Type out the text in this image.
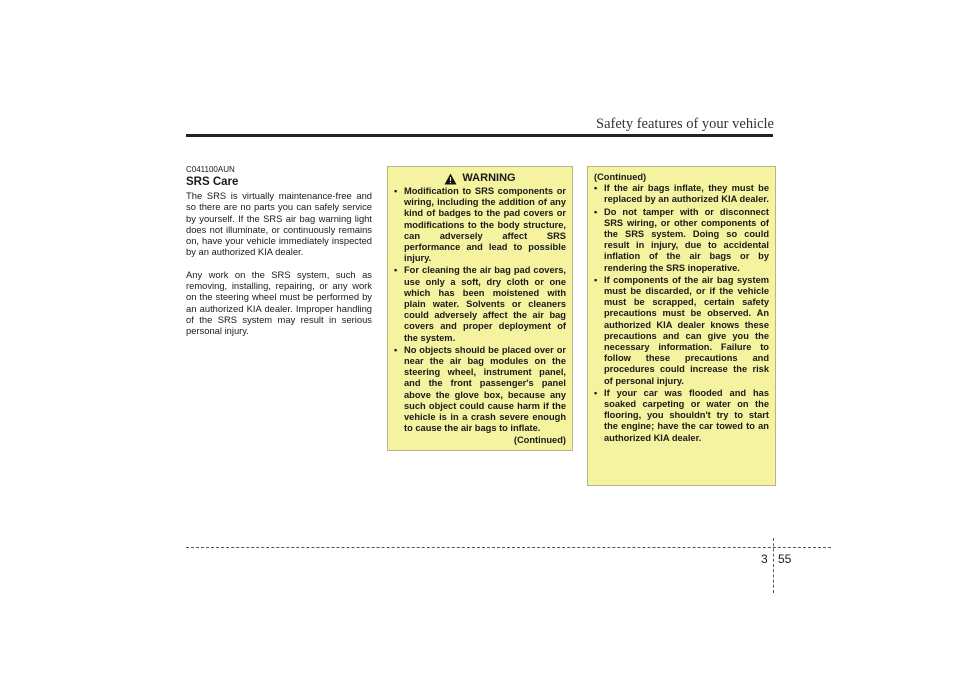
Safety features of your vehicle
C041100AUN
SRS Care

The SRS is virtually maintenance-free and so there are no parts you can safely service by yourself. If the SRS air bag warning light does not illuminate, or continuously remains on, have your vehicle immediately inspected by an authorized KIA dealer.

Any work on the SRS system, such as removing, installing, repairing, or any work on the steering wheel must be performed by an authorized KIA dealer. Improper handling of the SRS system may result in serious personal injury.

WARNING
• Modification to SRS components or wiring, including the addition of any kind of badges to the pad covers or modifications to the body structure, can adversely affect SRS performance and lead to possible injury.
• For cleaning the air bag pad covers, use only a soft, dry cloth or one which has been moistened with plain water. Solvents or cleaners could adversely affect the air bag covers and proper deployment of the system.
• No objects should be placed over or near the air bag modules on the steering wheel, instrument panel, and the front passenger's panel above the glove box, because any such object could cause harm if the vehicle is in a crash severe enough to cause the air bags to inflate.
(Continued)
(Continued)
• If the air bags inflate, they must be replaced by an authorized KIA dealer.
• Do not tamper with or disconnect SRS wiring, or other components of the SRS system. Doing so could result in injury, due to accidental inflation of the air bags or by rendering the SRS inoperative.
• If components of the air bag system must be discarded, or if the vehicle must be scrapped, certain safety precautions must be observed. An authorized KIA dealer knows these precautions and can give you the necessary information. Failure to follow these precautions and procedures could increase the risk of personal injury.
• If your car was flooded and has soaked carpeting or water on the flooring, you shouldn't try to start the engine; have the car towed to an authorized KIA dealer.
3 55
